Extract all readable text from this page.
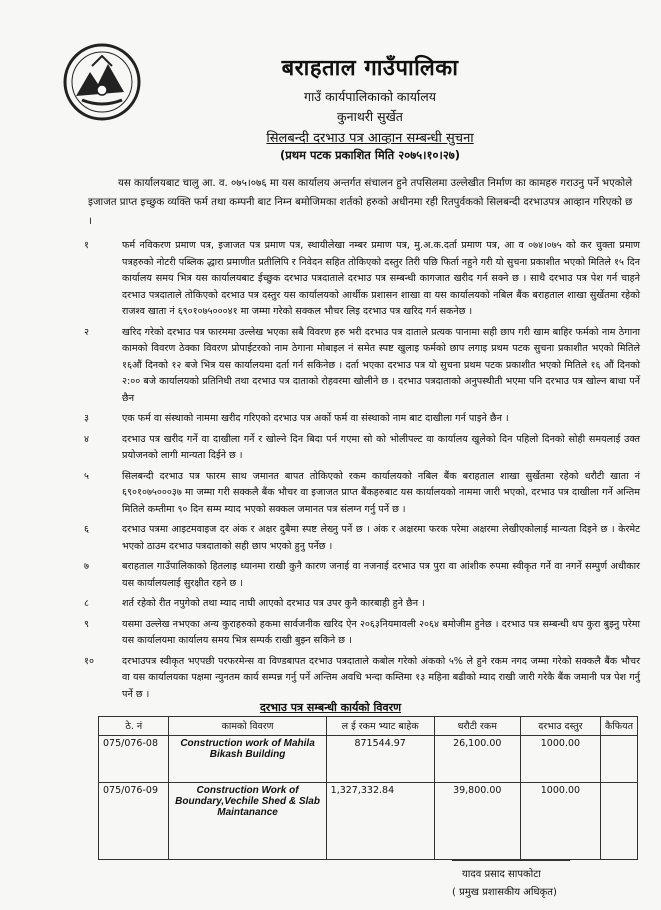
बराहताल गाउँपालिका
गाउँ कार्यपालिकाको कार्यालय
कुनाथरी सुर्खेत
सिलबन्दी दरभाउ पत्र आव्हान सम्बन्धी सुचना
(प्रथम पटक प्रकाशित मिति २०७५।१०।२७)
यस कार्यालयबाट चालु आ. व. ०७५।०७६ मा यस कार्यालय अन्तर्गत संचालन हुने तपसिलमा उल्लेखीत निर्माण का कामहरु गराउनु पर्ने भएकोले इजाजत प्राप्त इच्छुक व्यक्ति फर्म तथा कम्पनी बाट निम्न बमोजिमका शर्तको हरुको अधीनमा रही रितपुर्वकको सिलबन्दी दरभाउपत्र आव्हान गरिएको छ ।
१	फर्म नविकरण प्रमाण पत्र, इजाजत पत्र प्रमाण पत्र, स्थायीलेखा नम्बर प्रमाण पत्र, मु.अ.क.दर्ता प्रमाण पत्र, आ व ०७४।०७५ को कर चुक्ता प्रमाण पत्रहरुको नोटरी पब्लिक द्धारा प्रमाणीत प्रतीलिपि र निवेदन सहित तोकिएको दस्तुर तिरी पछि फिर्ता नहुने गरी यो सुचना प्रकाशीत भएको मितिले १५ दिन कार्यालय समय भित्र यस कार्यालयबाट ईच्छुक दरभाउ पत्रदाताले दरभाउ पत्र सम्बन्धी कागजात खरीद गर्न सक्ने छ । साथै दरभाउ पत्र पेश गर्न चाहने दरभाउ पत्रदाताले तोकिएको दरभाउ पत्र दस्तुर यस कार्यालयको आर्थीक प्रशासन शाखा वा यस कार्यालयको नबिल बैंक बराहताल शाखा सुर्खेतमा रहेको राजश्व खाता नं ६९०१०७५०००४१ मा जम्मा गरेको सक्कल भौचर लिइ दरभाउ पत्र खरिद गर्न सकनेछ ।
२	खरिद गरेको दरभाउ पत्र फारममा उल्लेख भएका सबै विवरण हरु भरी दरभाउ पत्र दाताले प्रत्यक पानामा सही छाप गरी खाम बाहिर फर्मको नाम ठेगाना कामको विवरण ठेक्का विवरण प्रोपाईटरको नाम ठेगाना मोबाइल नं समेत स्पष्ट खुलाइ फर्मको छाप लगाइ प्रथम पटक सुचना प्रकाशीत भएको मितिले १६औं दिनको १२ बजे भित्र यस कार्यालयमा दर्ता गर्न सकिनेछ । दर्ता भएका दरभाउ पत्र यो सुचना प्रथम पटक प्रकाशीत भएको मितिले १६ औं दिनको २:०० बजे कार्यालयको प्रतिनिधी तथा दरभाउ पत्र दाताको रोहवरमा खोलीने छ । दरभाउ पत्रदाताको अनुपस्थीती भएमा पनि दरभाउ पत्र खोल्न बाधा पर्ने छैन
३	एक फर्म वा संस्थाको नाममा खरीद गरिएको दरभाउ पत्र अर्को फर्म वा संस्थाको नाम बाट दाखीला गर्न पाइने छैन ।
४	दरभाउ पत्र खरीद गर्ने वा दाखीला गर्ने र खोल्ने दिन बिदा पर्न गएमा सो को भोलीपल्ट वा कार्यालय खुलेको दिन पहिलो दिनको सोही समयलाई उक्त प्रयोजनको लागी मान्यता दिईने छ ।
५	सिलबन्दी दरभाउ पत्र फारम साथ जमानत बापत तोकिएको रकम कार्यालयको नबिल बैंक बराहताल शाखा सुर्खेतमा रहेको धरौटी खाता नं ६९०१०७५०००३७ मा जम्मा गरी सक्कलै बैंक भौचर वा इजाजत प्राप्त बैंकहरुबाट यस कार्यालयको नाममा जारी भएको, दरभाउ पत्र दाखीला गर्ने अन्तिम मितिले कम्तीमा ९० दिन सम्म म्याद भएको सक्कल जमानत पत्र संलग्न गर्नु पर्ने छ ।
६	दरभाउ पत्रमा आइटमवाइज दर अंक र अक्षर दुबैमा स्पष्ट लेख्नु पर्ने छ । अंक र अक्षरमा फरक परेमा अक्षरमा लेखीएकोलाई मान्यता दिइने छ । केरमेट भएको ठाउम दरभाउ पत्रदाताको सही छाप भएको हुनु पर्नेछ ।
७	बराहताल गाउँपालिकाको हितलाइ ध्यानमा राखी कुनै कारण जनाई वा नजनाई दरभाउ पत्र पुरा वा आंशीक रुपमा स्वीकृत गर्ने वा नगर्ने सम्पुर्ण अधीकार यस कार्यालयलाई सुरक्षीत रहने छ ।
८	शर्त रहेको रीत नपुगेको तथा म्याद नाघी आएको दरभाउ पत्र उपर कुनै कारबाही हुने छैन ।
९	यसमा उल्लेख नभएका अन्य कुराहरुको हकमा सार्वजनीक खरिद ऐन २०६३नियमावली २०६४ बमोजीम हुनेछ । दरभाउ पत्र सम्बन्धी थप कुरा बुझ्नु परेमा यस कार्यालयमा कार्यालय समय भित्र सम्पर्क राखी बुझ्न सकिने छ ।
१०	दरभाउपत्र स्वीकृत भएपछी परफरमेन्स वा विण्डबापत दरभाउ पत्रदाताले कबोल गरेको अंकको ५% ले हुने रकम नगद जम्मा गरेको सक्कलै बैंक भौचर वा यस कार्यालयका पक्षमा न्युनतम कार्य सम्पन्न गर्नु पर्ने अन्तिम अवधि भन्दा कम्तिमा १३ महिना बढीको म्याद राखी जारी गरेकै बैंक जमानी पत्र पेश गर्नु पर्ने छ ।
दरभाउ पत्र सम्बन्धी कार्यको विवरण
ठे. नं	कामको विवरण	ल ई रकम भ्याट बाहेक	धरौटी रकम	दरभाउ दस्तुर	कैफियत
075/076-08	Construction work of Mahila Bikash Building	871544.97	26,100.00	1000.00	
075/076-09	Construction Work of Boundary,Vechile Shed & Slab Maintanance	1,327,332.84	39,800.00	1000.00	
यादव प्रसाद सापकोटा
( प्रमुख प्रशासकीय अधिकृत)
